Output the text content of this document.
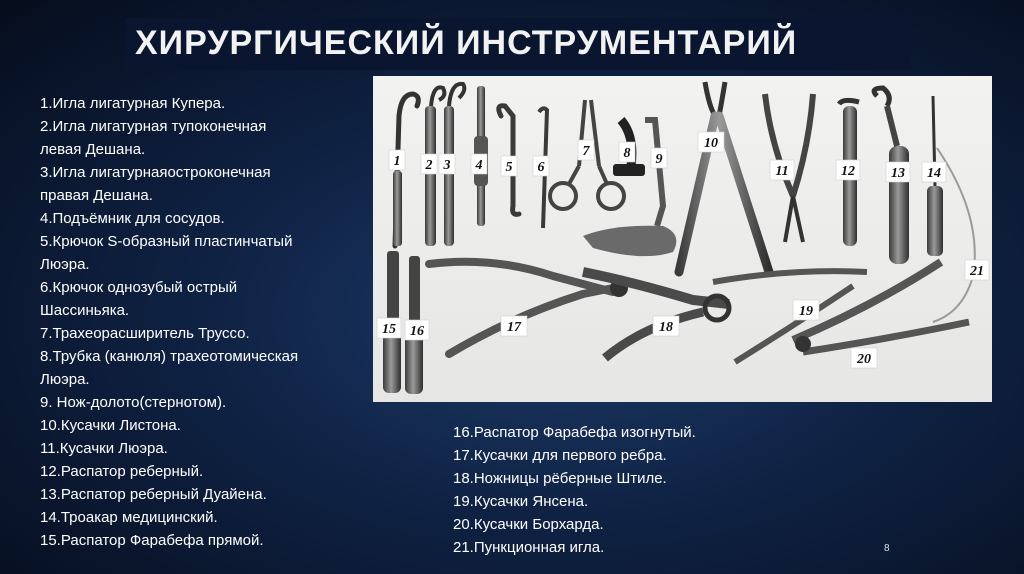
ХИРУРГИЧЕСКИЙ ИНСТРУМЕНТАРИЙ
1.Игла лигатурная Купера.
2.Игла лигатурная тупоконечная
левая Дешана.
3.Игла лигатурнаяостроконечная
правая Дешана.
4.Подъёмник для сосудов.
5.Крючок S-образный пластинчатый
Люэра.
6.Крючок однозубый острый
Шассиньяка.
7.Трахеорасширитель Труссо.
8.Трубка (канюля) трахеотомическая
Люэра.
9. Нож-долото(стернотом).
10.Кусачки Листона.
11.Кусачки Люэра.
12.Распатор реберный.
13.Распатор реберный Дуайена.
14.Троакар медицинский.
15.Распатор Фарабефа прямой.
16.Распатор Фарабефа изогнутый.
17.Кусачки для первого ребра.
18.Ножницы рёберные Штиле.
19.Кусачки Янсена.
20.Кусачки Борхарда.
21.Пункционная игла.
1 2 3 4 5 6
7 8 9
10
11	12	13 14
15 16	17	18
19
20
21
8
